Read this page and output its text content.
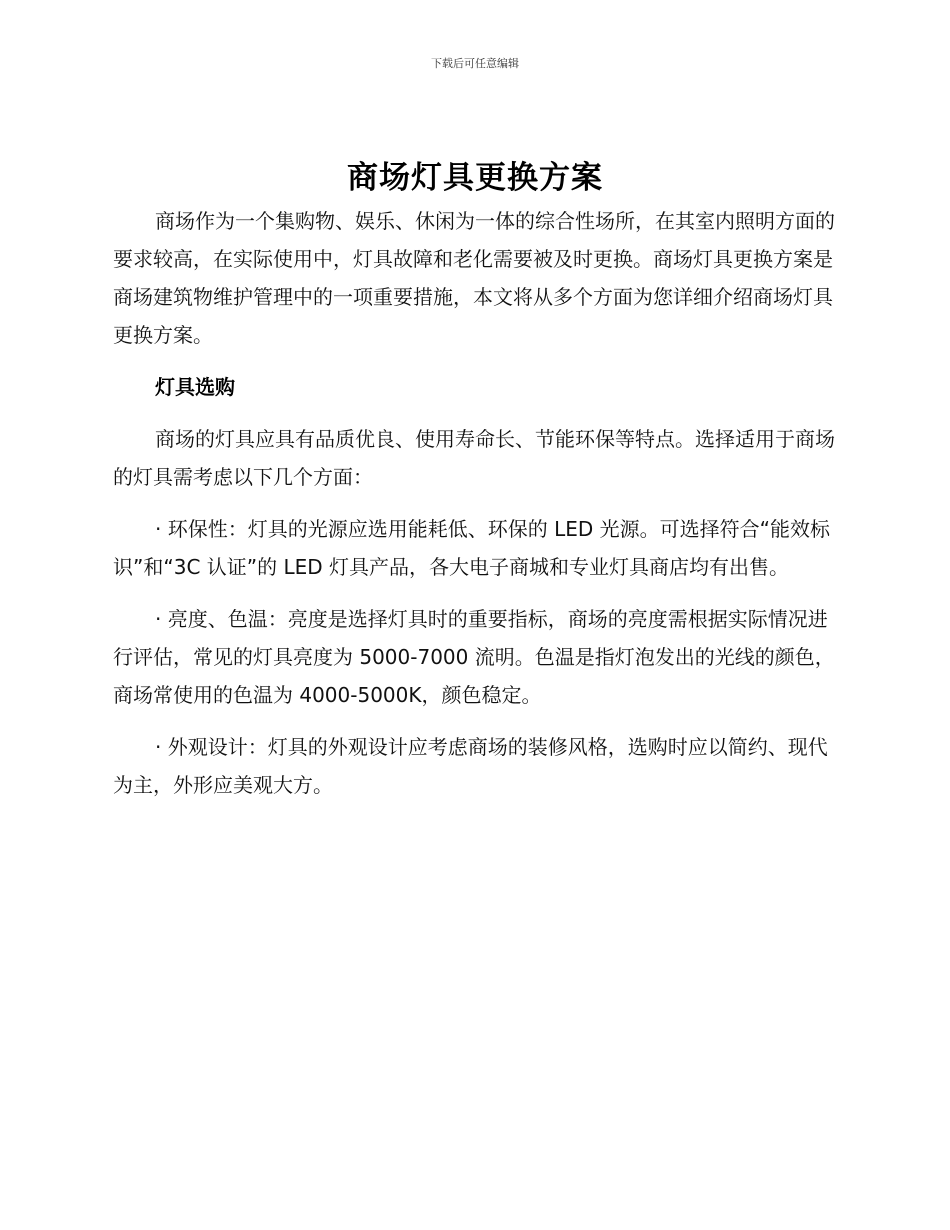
下载后可任意编辑
商场灯具更换方案

商场作为一个集购物、娱乐、休闲为一体的综合性场所，在其室内照明方面的要求较高，在实际使用中，灯具故障和老化需要被及时更换。商场灯具更换方案是商场建筑物维护管理中的一项重要措施，本文将从多个方面为您详细介绍商场灯具更换方案。

灯具选购

商场的灯具应具有品质优良、使用寿命长、节能环保等特点。选择适用于商场的灯具需考虑以下几个方面：

· 环保性：灯具的光源应选用能耗低、环保的 LED 光源。可选择符合“能效标识”和“3C 认证”的 LED 灯具产品，各大电子商城和专业灯具商店均有出售。

· 亮度、色温：亮度是选择灯具时的重要指标，商场的亮度需根据实际情况进行评估，常见的灯具亮度为 5000-7000 流明。色温是指灯泡发出的光线的颜色，商场常使用的色温为 4000-5000K，颜色稳定。

· 外观设计：灯具的外观设计应考虑商场的装修风格，选购时应以简约、现代为主，外形应美观大方。
